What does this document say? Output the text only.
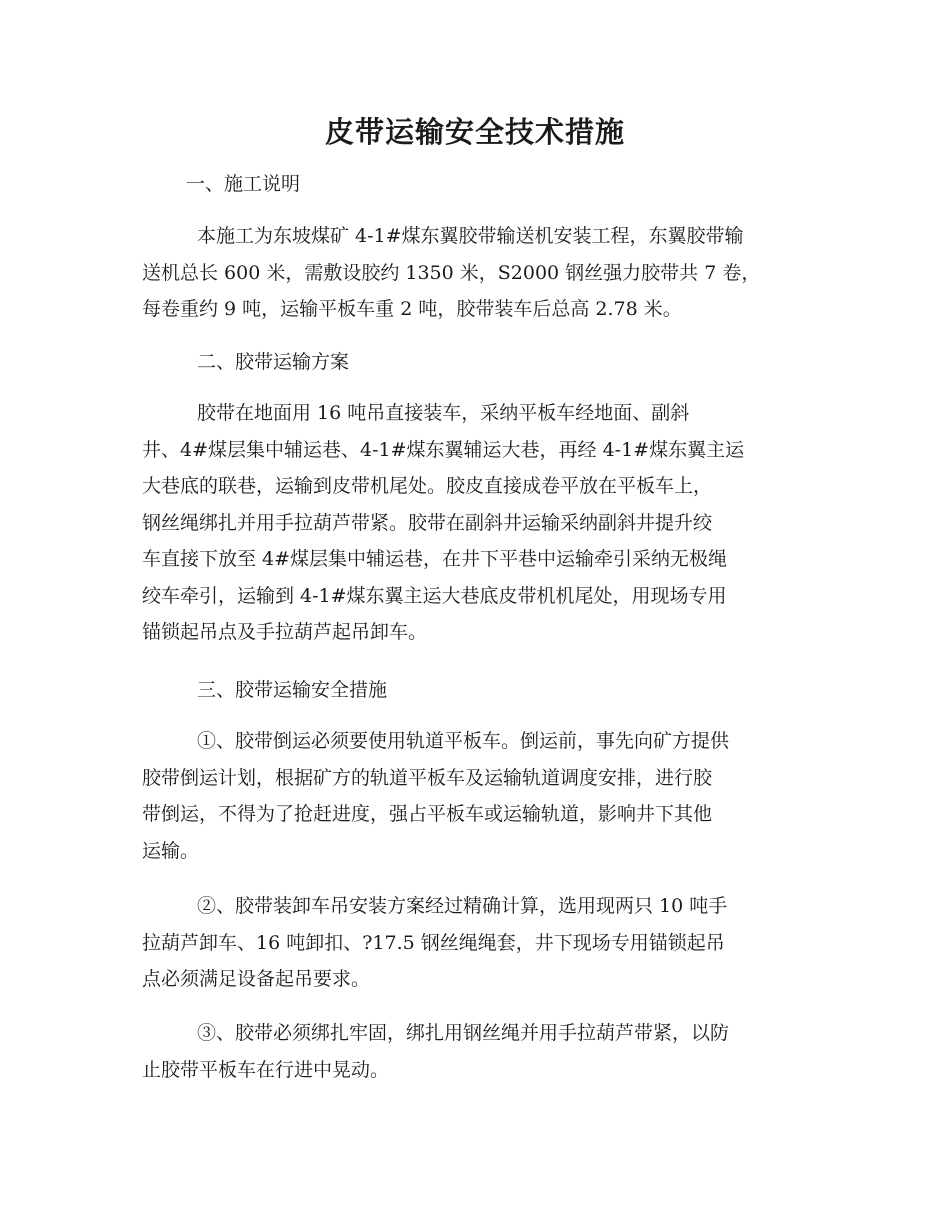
皮带运输安全技术措施

一、施工说明

本施工为东坡煤矿 4-1#煤东翼胶带输送机安装工程，东翼胶带输
送机总长 600 米，需敷设胶约 1350 米，S2000 钢丝强力胶带共 7 卷，
每卷重约 9 吨，运输平板车重 2 吨，胶带装车后总高 2.78 米。

二、胶带运输方案

胶带在地面用 16 吨吊直接装车，采纳平板车经地面、副斜
井、4#煤层集中辅运巷、4-1#煤东翼辅运大巷，再经 4-1#煤东翼主运
大巷底的联巷，运输到皮带机尾处。胶皮直接成卷平放在平板车上，
钢丝绳绑扎并用手拉葫芦带紧。胶带在副斜井运输采纳副斜井提升绞
车直接下放至 4#煤层集中辅运巷，在井下平巷中运输牵引采纳无极绳
绞车牵引，运输到 4-1#煤东翼主运大巷底皮带机机尾处，用现场专用
锚锁起吊点及手拉葫芦起吊卸车。

三、胶带运输安全措施

①、胶带倒运必须要使用轨道平板车。倒运前，事先向矿方提供
胶带倒运计划，根据矿方的轨道平板车及运输轨道调度安排，进行胶
带倒运，不得为了抢赶进度，强占平板车或运输轨道，影响井下其他
运输。

②、胶带装卸车吊安装方案经过精确计算，选用现两只 10 吨手
拉葫芦卸车、16 吨卸扣、?17.5 钢丝绳绳套，井下现场专用锚锁起吊
点必须满足设备起吊要求。

③、胶带必须绑扎牢固，绑扎用钢丝绳并用手拉葫芦带紧，以防
止胶带平板车在行进中晃动。
